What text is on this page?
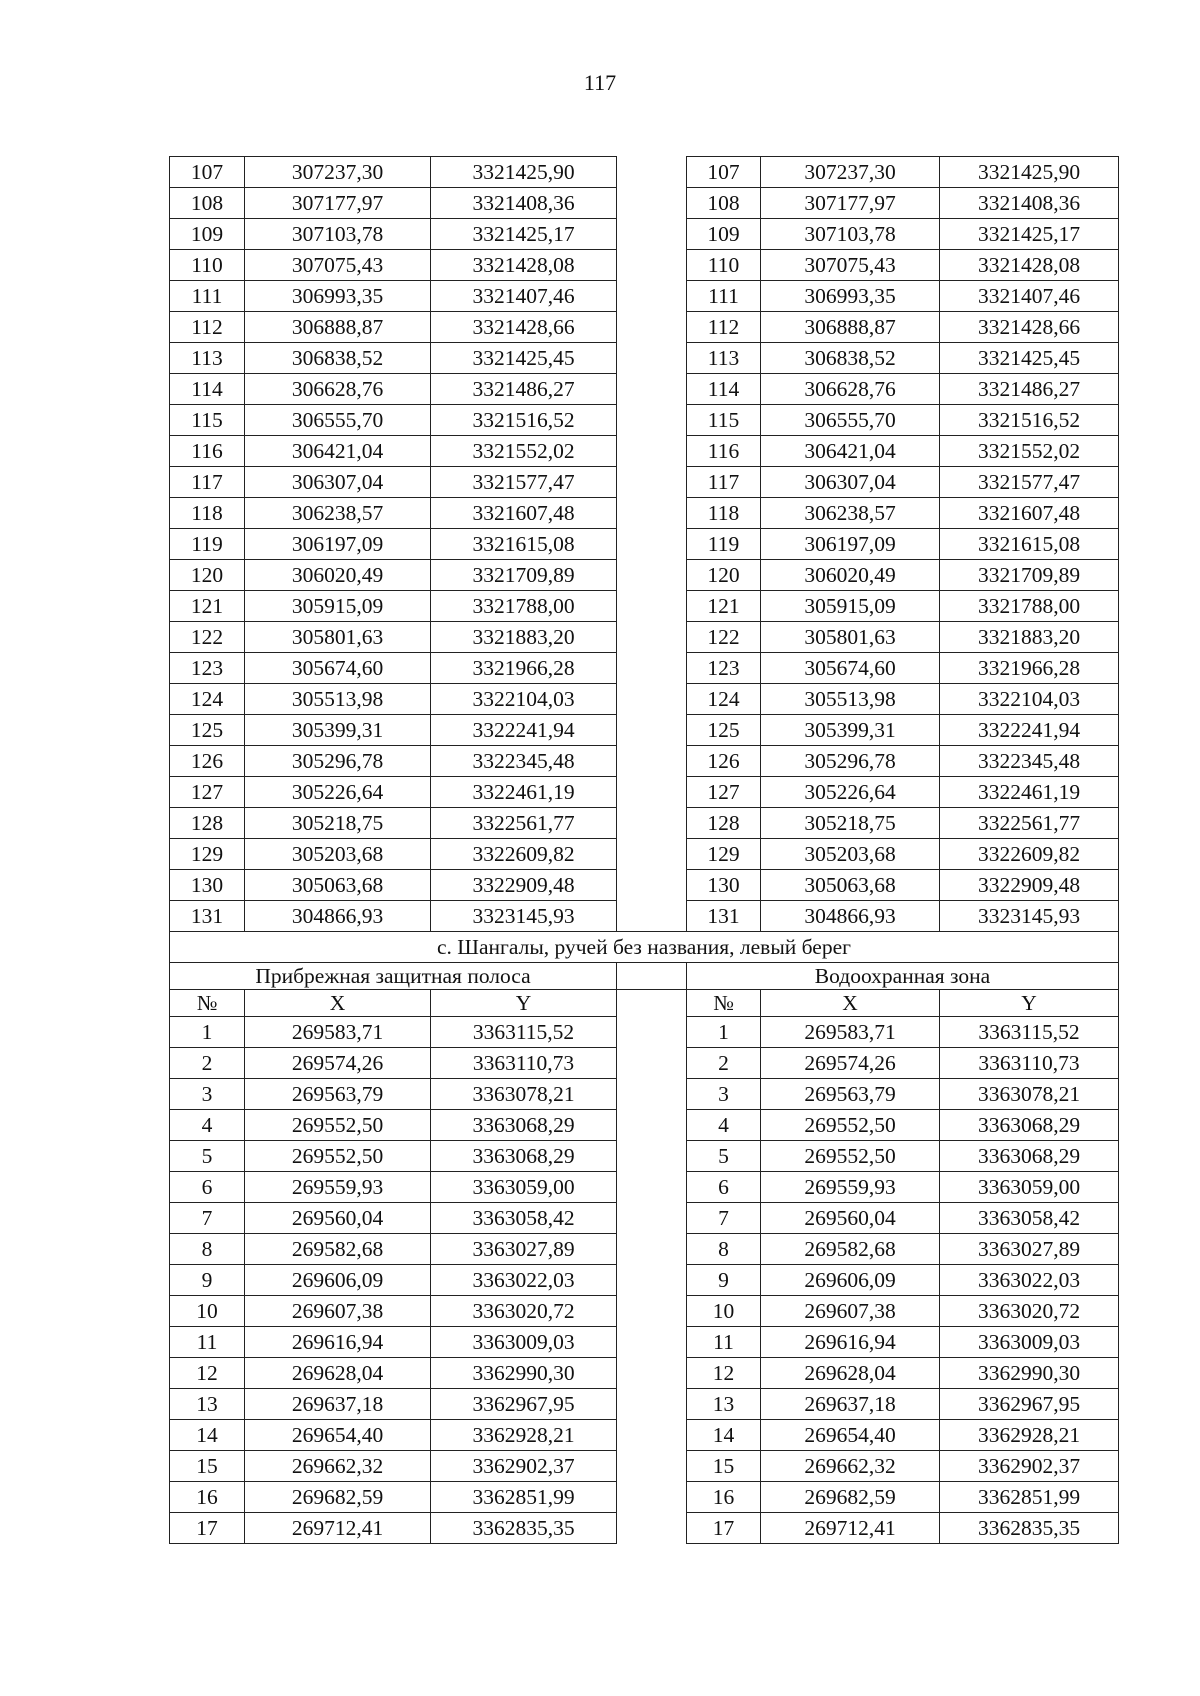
117
107	307237,30	3321425,90		107	307237,30	3321425,90
108	307177,97	3321408,36		108	307177,97	3321408,36
109	307103,78	3321425,17		109	307103,78	3321425,17
110	307075,43	3321428,08		110	307075,43	3321428,08
111	306993,35	3321407,46		111	306993,35	3321407,46
112	306888,87	3321428,66		112	306888,87	3321428,66
113	306838,52	3321425,45		113	306838,52	3321425,45
114	306628,76	3321486,27		114	306628,76	3321486,27
115	306555,70	3321516,52		115	306555,70	3321516,52
116	306421,04	3321552,02		116	306421,04	3321552,02
117	306307,04	3321577,47		117	306307,04	3321577,47
118	306238,57	3321607,48		118	306238,57	3321607,48
119	306197,09	3321615,08		119	306197,09	3321615,08
120	306020,49	3321709,89		120	306020,49	3321709,89
121	305915,09	3321788,00		121	305915,09	3321788,00
122	305801,63	3321883,20		122	305801,63	3321883,20
123	305674,60	3321966,28		123	305674,60	3321966,28
124	305513,98	3322104,03		124	305513,98	3322104,03
125	305399,31	3322241,94		125	305399,31	3322241,94
126	305296,78	3322345,48		126	305296,78	3322345,48
127	305226,64	3322461,19		127	305226,64	3322461,19
128	305218,75	3322561,77		128	305218,75	3322561,77
129	305203,68	3322609,82		129	305203,68	3322609,82
130	305063,68	3322909,48		130	305063,68	3322909,48
131	304866,93	3323145,93		131	304866,93	3323145,93
с. Шангалы, ручей без названия, левый берег						
Прибрежная защитная полоса				Водоохранная зона		
№	X	Y		№	X	Y
1	269583,71	3363115,52		1	269583,71	3363115,52
2	269574,26	3363110,73		2	269574,26	3363110,73
3	269563,79	3363078,21		3	269563,79	3363078,21
4	269552,50	3363068,29		4	269552,50	3363068,29
5	269552,50	3363068,29		5	269552,50	3363068,29
6	269559,93	3363059,00		6	269559,93	3363059,00
7	269560,04	3363058,42		7	269560,04	3363058,42
8	269582,68	3363027,89		8	269582,68	3363027,89
9	269606,09	3363022,03		9	269606,09	3363022,03
10	269607,38	3363020,72		10	269607,38	3363020,72
11	269616,94	3363009,03		11	269616,94	3363009,03
12	269628,04	3362990,30		12	269628,04	3362990,30
13	269637,18	3362967,95		13	269637,18	3362967,95
14	269654,40	3362928,21		14	269654,40	3362928,21
15	269662,32	3362902,37		15	269662,32	3362902,37
16	269682,59	3362851,99		16	269682,59	3362851,99
17	269712,41	3362835,35		17	269712,41	3362835,35
